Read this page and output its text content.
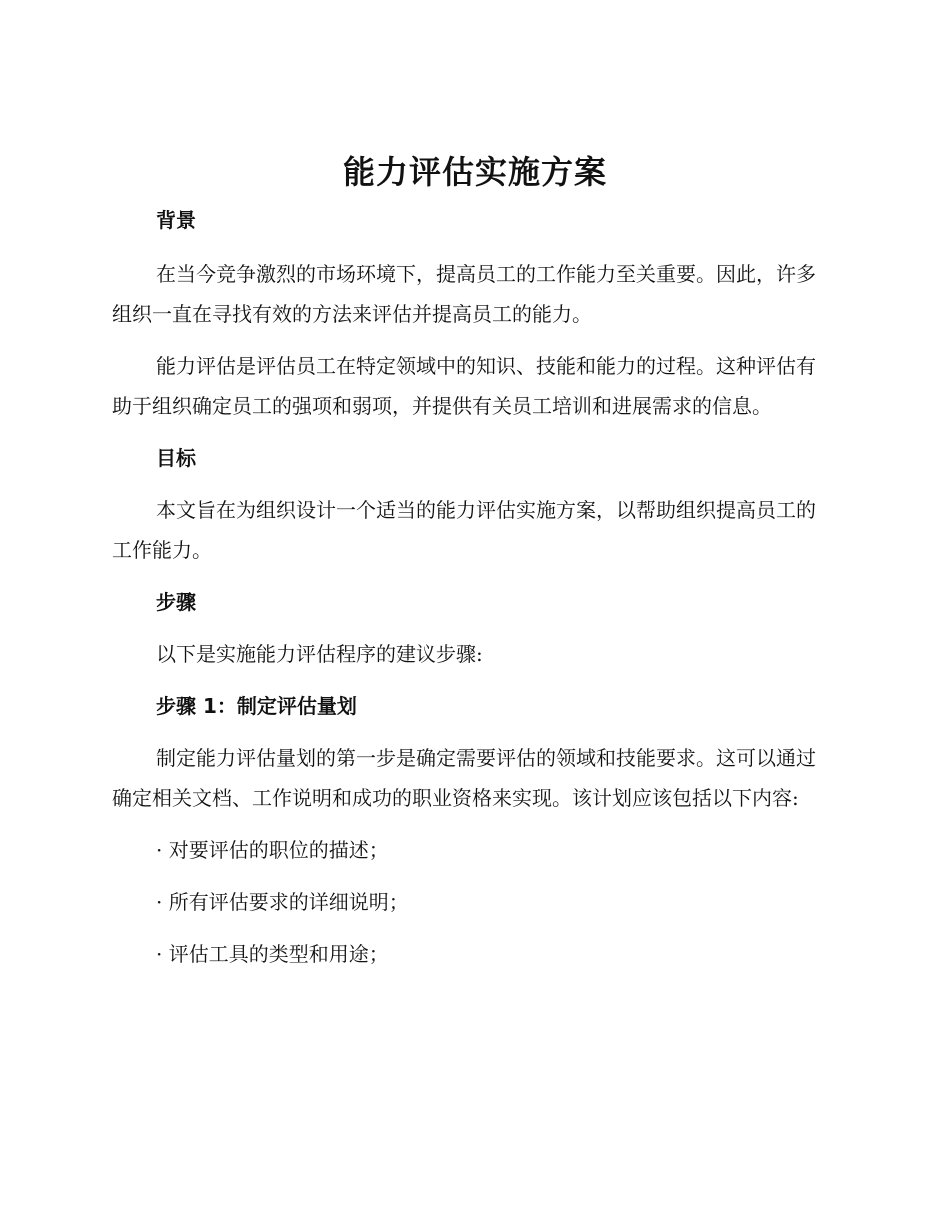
能力评估实施方案

背景

在当今竞争激烈的市场环境下，提高员工的工作能力至关重要。因此，许多组织一直在寻找有效的方法来评估并提高员工的能力。

能力评估是评估员工在特定领域中的知识、技能和能力的过程。这种评估有助于组织确定员工的强项和弱项，并提供有关员工培训和进展需求的信息。

目标

本文旨在为组织设计一个适当的能力评估实施方案，以帮助组织提高员工的工作能力。

步骤

以下是实施能力评估程序的建议步骤:

步骤 1：制定评估量划

制定能力评估量划的第一步是确定需要评估的领域和技能要求。这可以通过确定相关文档、工作说明和成功的职业资格来实现。该计划应该包括以下内容:

· 对要评估的职位的描述；

· 所有评估要求的详细说明；

· 评估工具的类型和用途；
